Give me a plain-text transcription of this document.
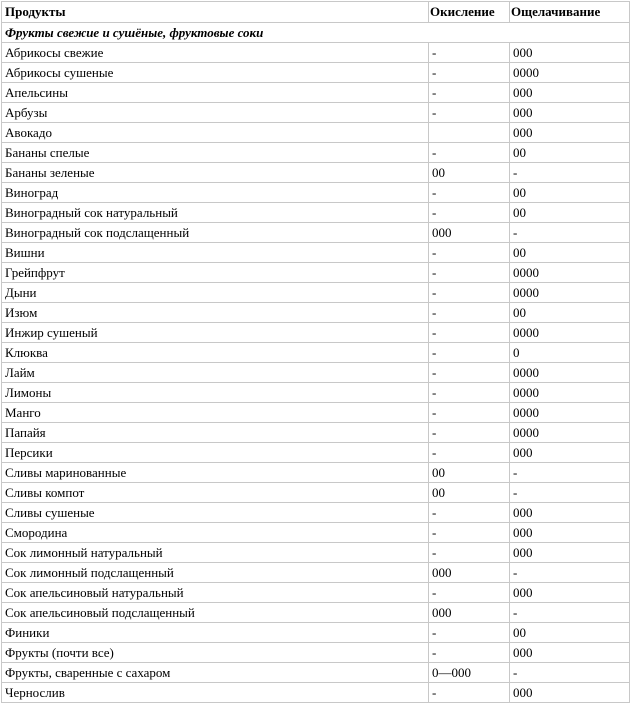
Продукты	Окисление	Ощелачивание
Фрукты свежие и сушёные, фруктовые соки		
Абрикосы свежие	-	000
Абрикосы сушеные	-	0000
Апельсины	-	000
Арбузы	-	000
Авокадо		000
Бананы спелые	-	00
Бананы зеленые	00	-
Виноград	-	00
Виноградный сок натуральный	-	00
Виноградный сок подслащенный	000	-
Вишни	-	00
Грейпфрут	-	0000
Дыни	-	0000
Изюм	-	00
Инжир сушеный	-	0000
Клюква	-	0
Лайм	-	0000
Лимоны	-	0000
Манго	-	0000
Папайя	-	0000
Персики	-	000
Сливы маринованные	00	-
Сливы компот	00	-
Сливы сушеные	-	000
Смородина	-	000
Сок лимонный натуральный	-	000
Сок лимонный подслащенный	000	-
Сок апельсиновый натуральный	-	000
Сок апельсиновый подслащенный	000	-
Финики	-	00
Фрукты (почти все)	-	000
Фрукты, сваренные с сахаром	0—000	-
Чернослив	-	000
